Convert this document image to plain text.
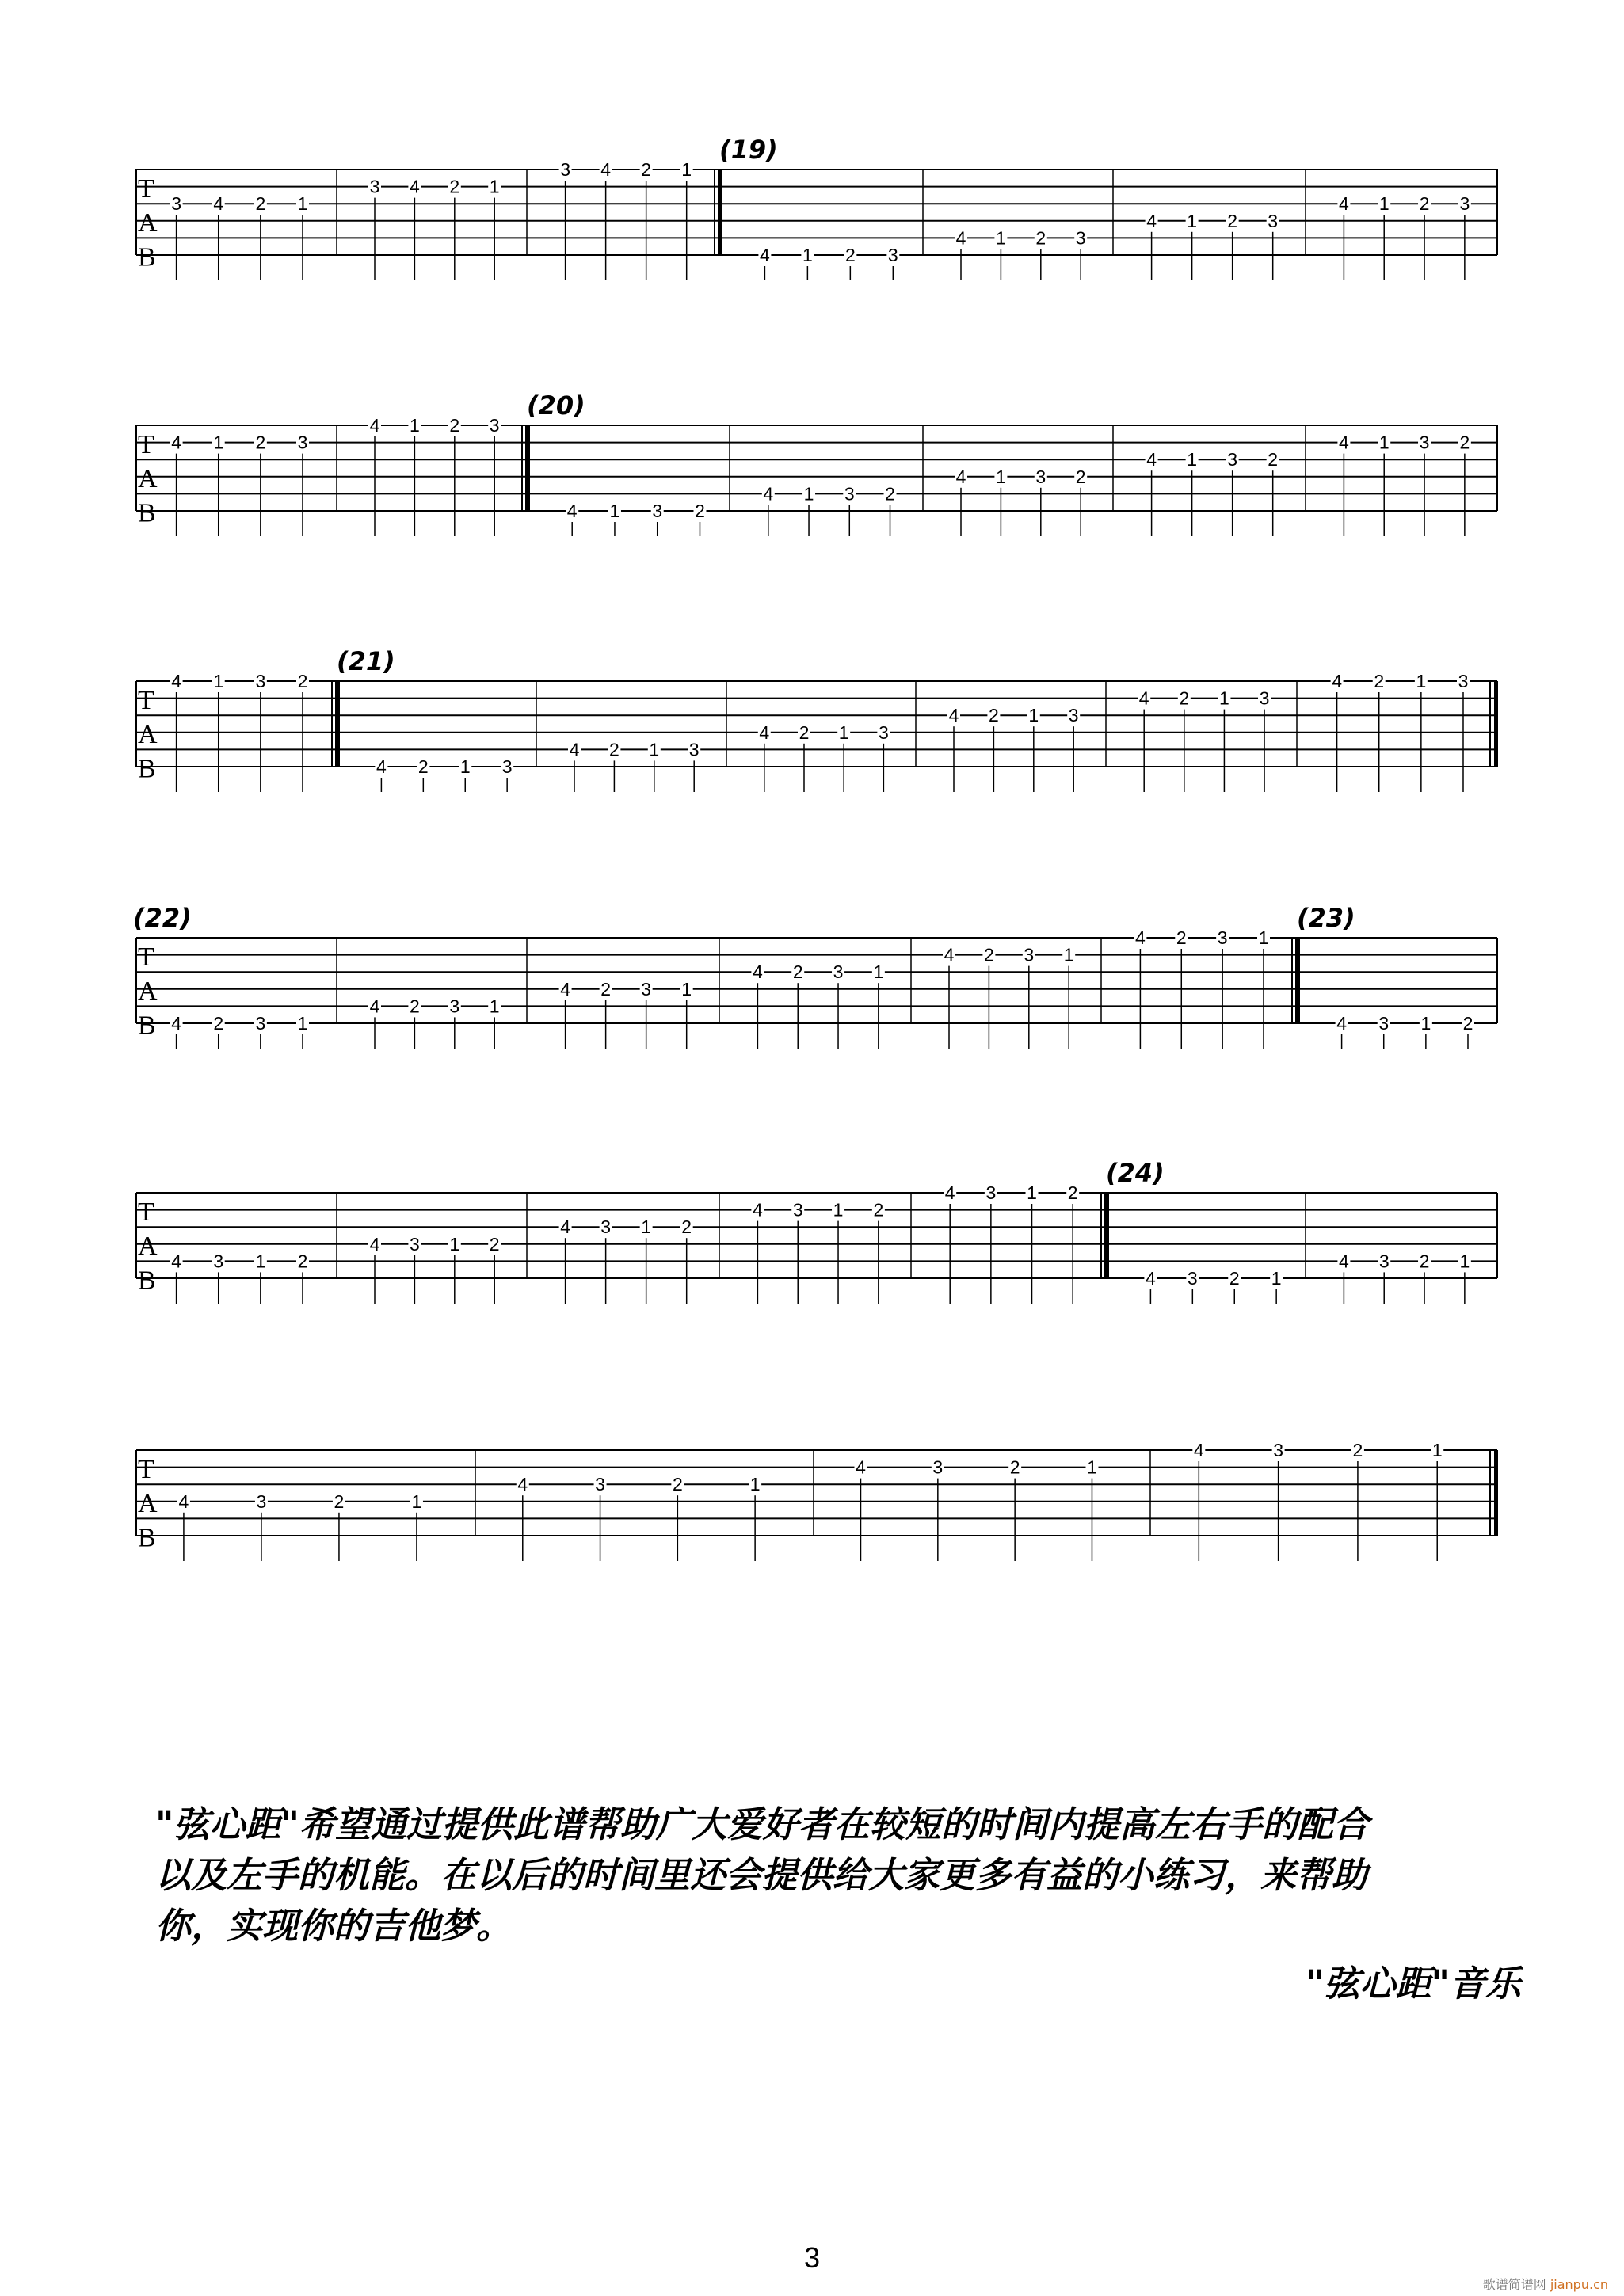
T
A
B
(19)
3 4 2 1
3 4 2 1
3 4 2 1
4 1 2 3
4 1 2 3
4 1 2 3
4 1 2 3
T
A
B
(20)
4 1 2 3
4 1 2 3
4 1 3 2
4 1 3 2
4 1 3 2
4 1 3 2
4 1 3 2
T
A
B
(21)
4 1 3 2
4 2 1 3
4 2 1 3
4 2 1 3
4 2 1 3
4 2 1 3
4 2 1 3
T
A
B
(22)	(23)
4 2 3 1
4 2 3 1
4 2 3 1
4 2 3 1
4 2 3 1
4 2 3 1
4 3 1 2
T
A
B
(24)
4 3 1 2
4 3 1 2
4 3 1 2
4 3 1 2
4 3 1 2
4 3 2 1
4 3 2 1
T
A
B
4	3	2	1
4	3	2	1
4	3	2	1
4	3	2	1
"弦心距"希望通过提供此谱帮助广大爱好者在较短的时间内提高左右手的配合
以及左手的机能。在以后的时间里还会提供给大家更多有益的小练习，来帮助
你，实现你的吉他梦。
"弦心距"音乐
3
歌谱简谱网 jianpu.cn
